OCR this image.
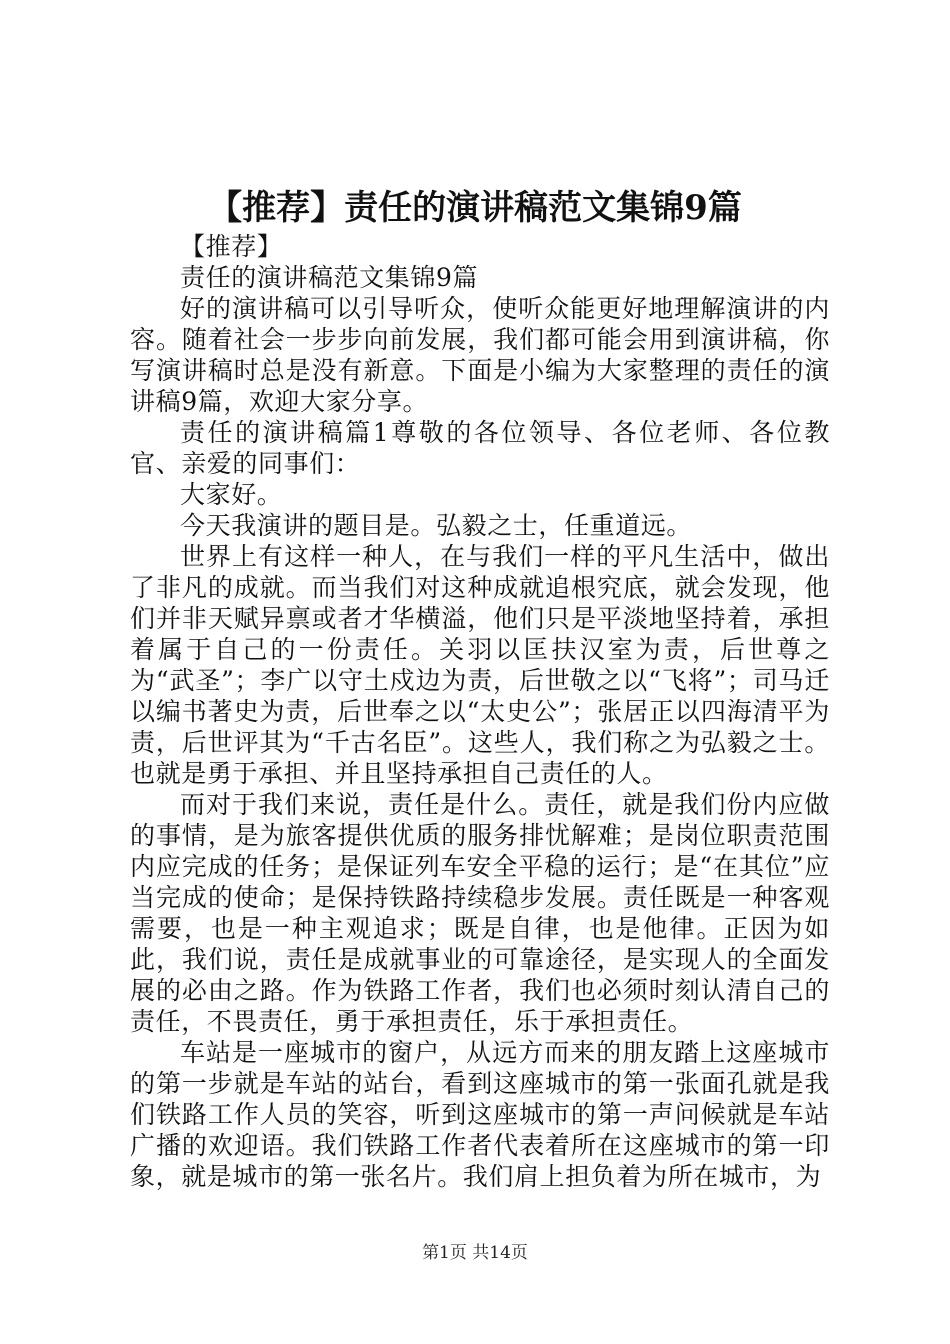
【推荐】责任的演讲稿范文集锦9篇

【推荐】

责任的演讲稿范文集锦9篇

好的演讲稿可以引导听众，使听众能更好地理解演讲的内容。随着社会一步步向前发展，我们都可能会用到演讲稿，你写演讲稿时总是没有新意。下面是小编为大家整理的责任的演讲稿9篇，欢迎大家分享。

责任的演讲稿篇1尊敬的各位领导、各位老师、各位教官、亲爱的同事们：

大家好。

今天我演讲的题目是。弘毅之士，任重道远。

世界上有这样一种人，在与我们一样的平凡生活中，做出了非凡的成就。而当我们对这种成就追根究底，就会发现，他们并非天赋异禀或者才华横溢，他们只是平淡地坚持着，承担着属于自己的一份责任。关羽以匡扶汉室为责，后世尊之为“武圣”；李广以守土戍边为责，后世敬之以“飞将”；司马迁以编书著史为责，后世奉之以“太史公”；张居正以四海清平为责，后世评其为“千古名臣”。这些人，我们称之为弘毅之士。也就是勇于承担、并且坚持承担自己责任的人。

而对于我们来说，责任是什么。责任，就是我们份内应做的事情，是为旅客提供优质的服务排忧解难；是岗位职责范围内应完成的任务；是保证列车安全平稳的运行；是“在其位”应当完成的使命；是保持铁路持续稳步发展。责任既是一种客观需要，也是一种主观追求；既是自律，也是他律。正因为如此，我们说，责任是成就事业的可靠途径，是实现人的全面发展的必由之路。作为铁路工作者，我们也必须时刻认清自己的责任，不畏责任，勇于承担责任，乐于承担责任。

车站是一座城市的窗户，从远方而来的朋友踏上这座城市的第一步就是车站的站台，看到这座城市的第一张面孔就是我们铁路工作人员的笑容，听到这座城市的第一声问候就是车站广播的欢迎语。我们铁路工作者代表着所在这座城市的第一印象，就是城市的第一张名片。我们肩上担负着为所在城市，为

第1页 共14页
